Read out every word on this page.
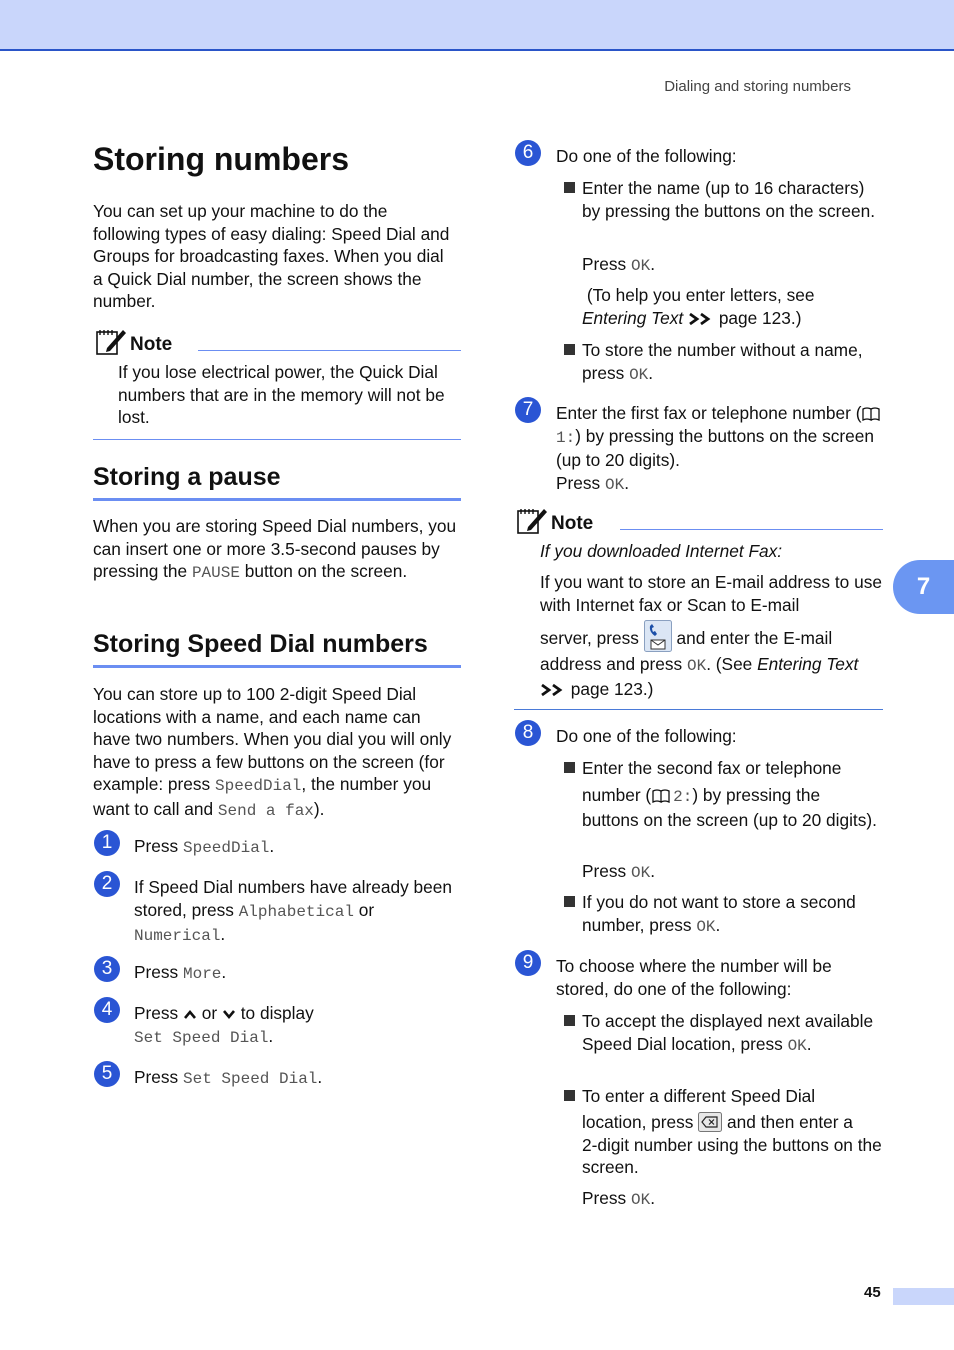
Dialing and storing numbers
7
Storing numbers

You can set up your machine to do the following types of easy dialing: Speed Dial and Groups for broadcasting faxes. When you dial a Quick Dial number, the screen shows the number.

Note

If you lose electrical power, the Quick Dial numbers that are in the memory will not be lost.

Storing a pause

When you are storing Speed Dial numbers, you can insert one or more 3.5-second pauses by pressing the PAUSE button on the screen.

Storing Speed Dial numbers

You can store up to 100 2-digit Speed Dial locations with a name, and each name can have two numbers. When you dial you will only have to press a few buttons on the screen (for example: press SpeedDial, the number you want to call and Send a fax).

1	Press SpeedDial.

2	If Speed Dial numbers have already been stored, press Alphabetical or Numerical.

3	Press More.

4	Press  or  to display
Set Speed Dial.

5	Press Set Speed Dial.

6	Do one of the following:

Enter the name (up to 16 characters) by pressing the buttons on the screen.

Press OK.

(To help you enter letters, see
Entering Text  page 123.)

To store the number without a name, press OK.

7	Enter the first fax or telephone number (1:) by pressing the buttons on the screen (up to 20 digits).
Press OK.

Note

If you downloaded Internet Fax:

If you want to store an E-mail address to use with Internet fax or Scan to E-mail

server, press  and enter the E-mail

address and press OK. (See Entering Text
page 123.)

8	Do one of the following:

Enter the second fax or telephone

number ( 2:) by pressing the
buttons on the screen (up to 20 digits).

Press OK.

If you do not want to store a second number, press OK.

9	To choose where the number will be stored, do one of the following:

To accept the displayed next available Speed Dial location, press OK.

To enter a different Speed Dial

location, press  and then enter a
2-digit number using the buttons on the screen.

Press OK.

45
